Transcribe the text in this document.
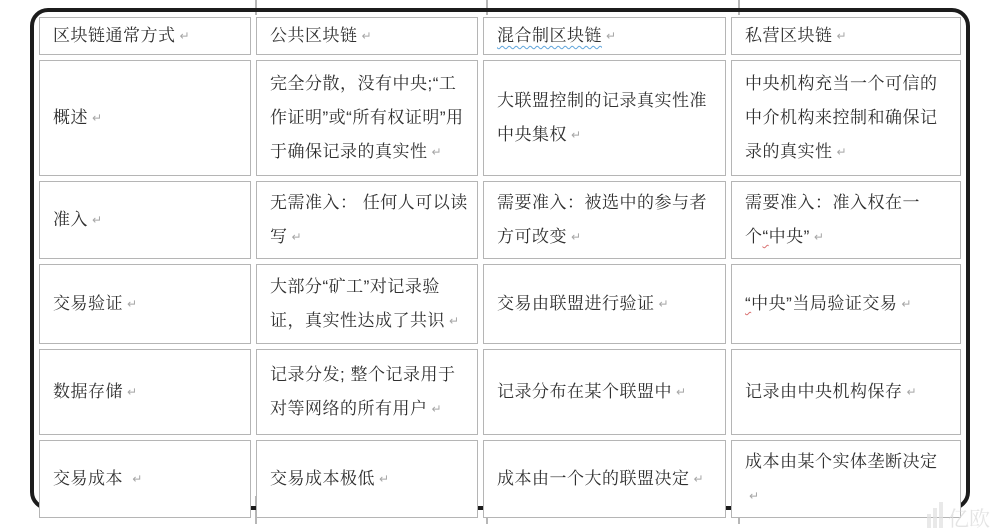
区块链通常方式 ↵	公共区块链 ↵	混合制区块链 ↵	私营区块链 ↵
概述 ↵	完全分散，没有中央;“工作证明”或“所有权证明”用于确保记录的真实性 ↵	大联盟控制的记录真实性准中央集权 ↵	中央机构充当一个可信的中介机构来控制和确保记录的真实性 ↵
准入 ↵	无需准入： 任何人可以读写 ↵	需要准入：被选中的参与者方可改变 ↵	需要准入：准入权在一个“中央” ↵
交易验证 ↵	大部分“矿工”对记录验证，真实性达成了共识 ↵	交易由联盟进行验证 ↵	“中央”当局验证交易 ↵
数据存储 ↵	记录分发; 整个记录用于对等网络的所有用户 ↵	记录分布在某个联盟中 ↵	记录由中央机构保存 ↵
交易成本 ↵	交易成本极低 ↵	成本由一个大的联盟决定 ↵	成本由某个实体垄断决定↵
亿欧
